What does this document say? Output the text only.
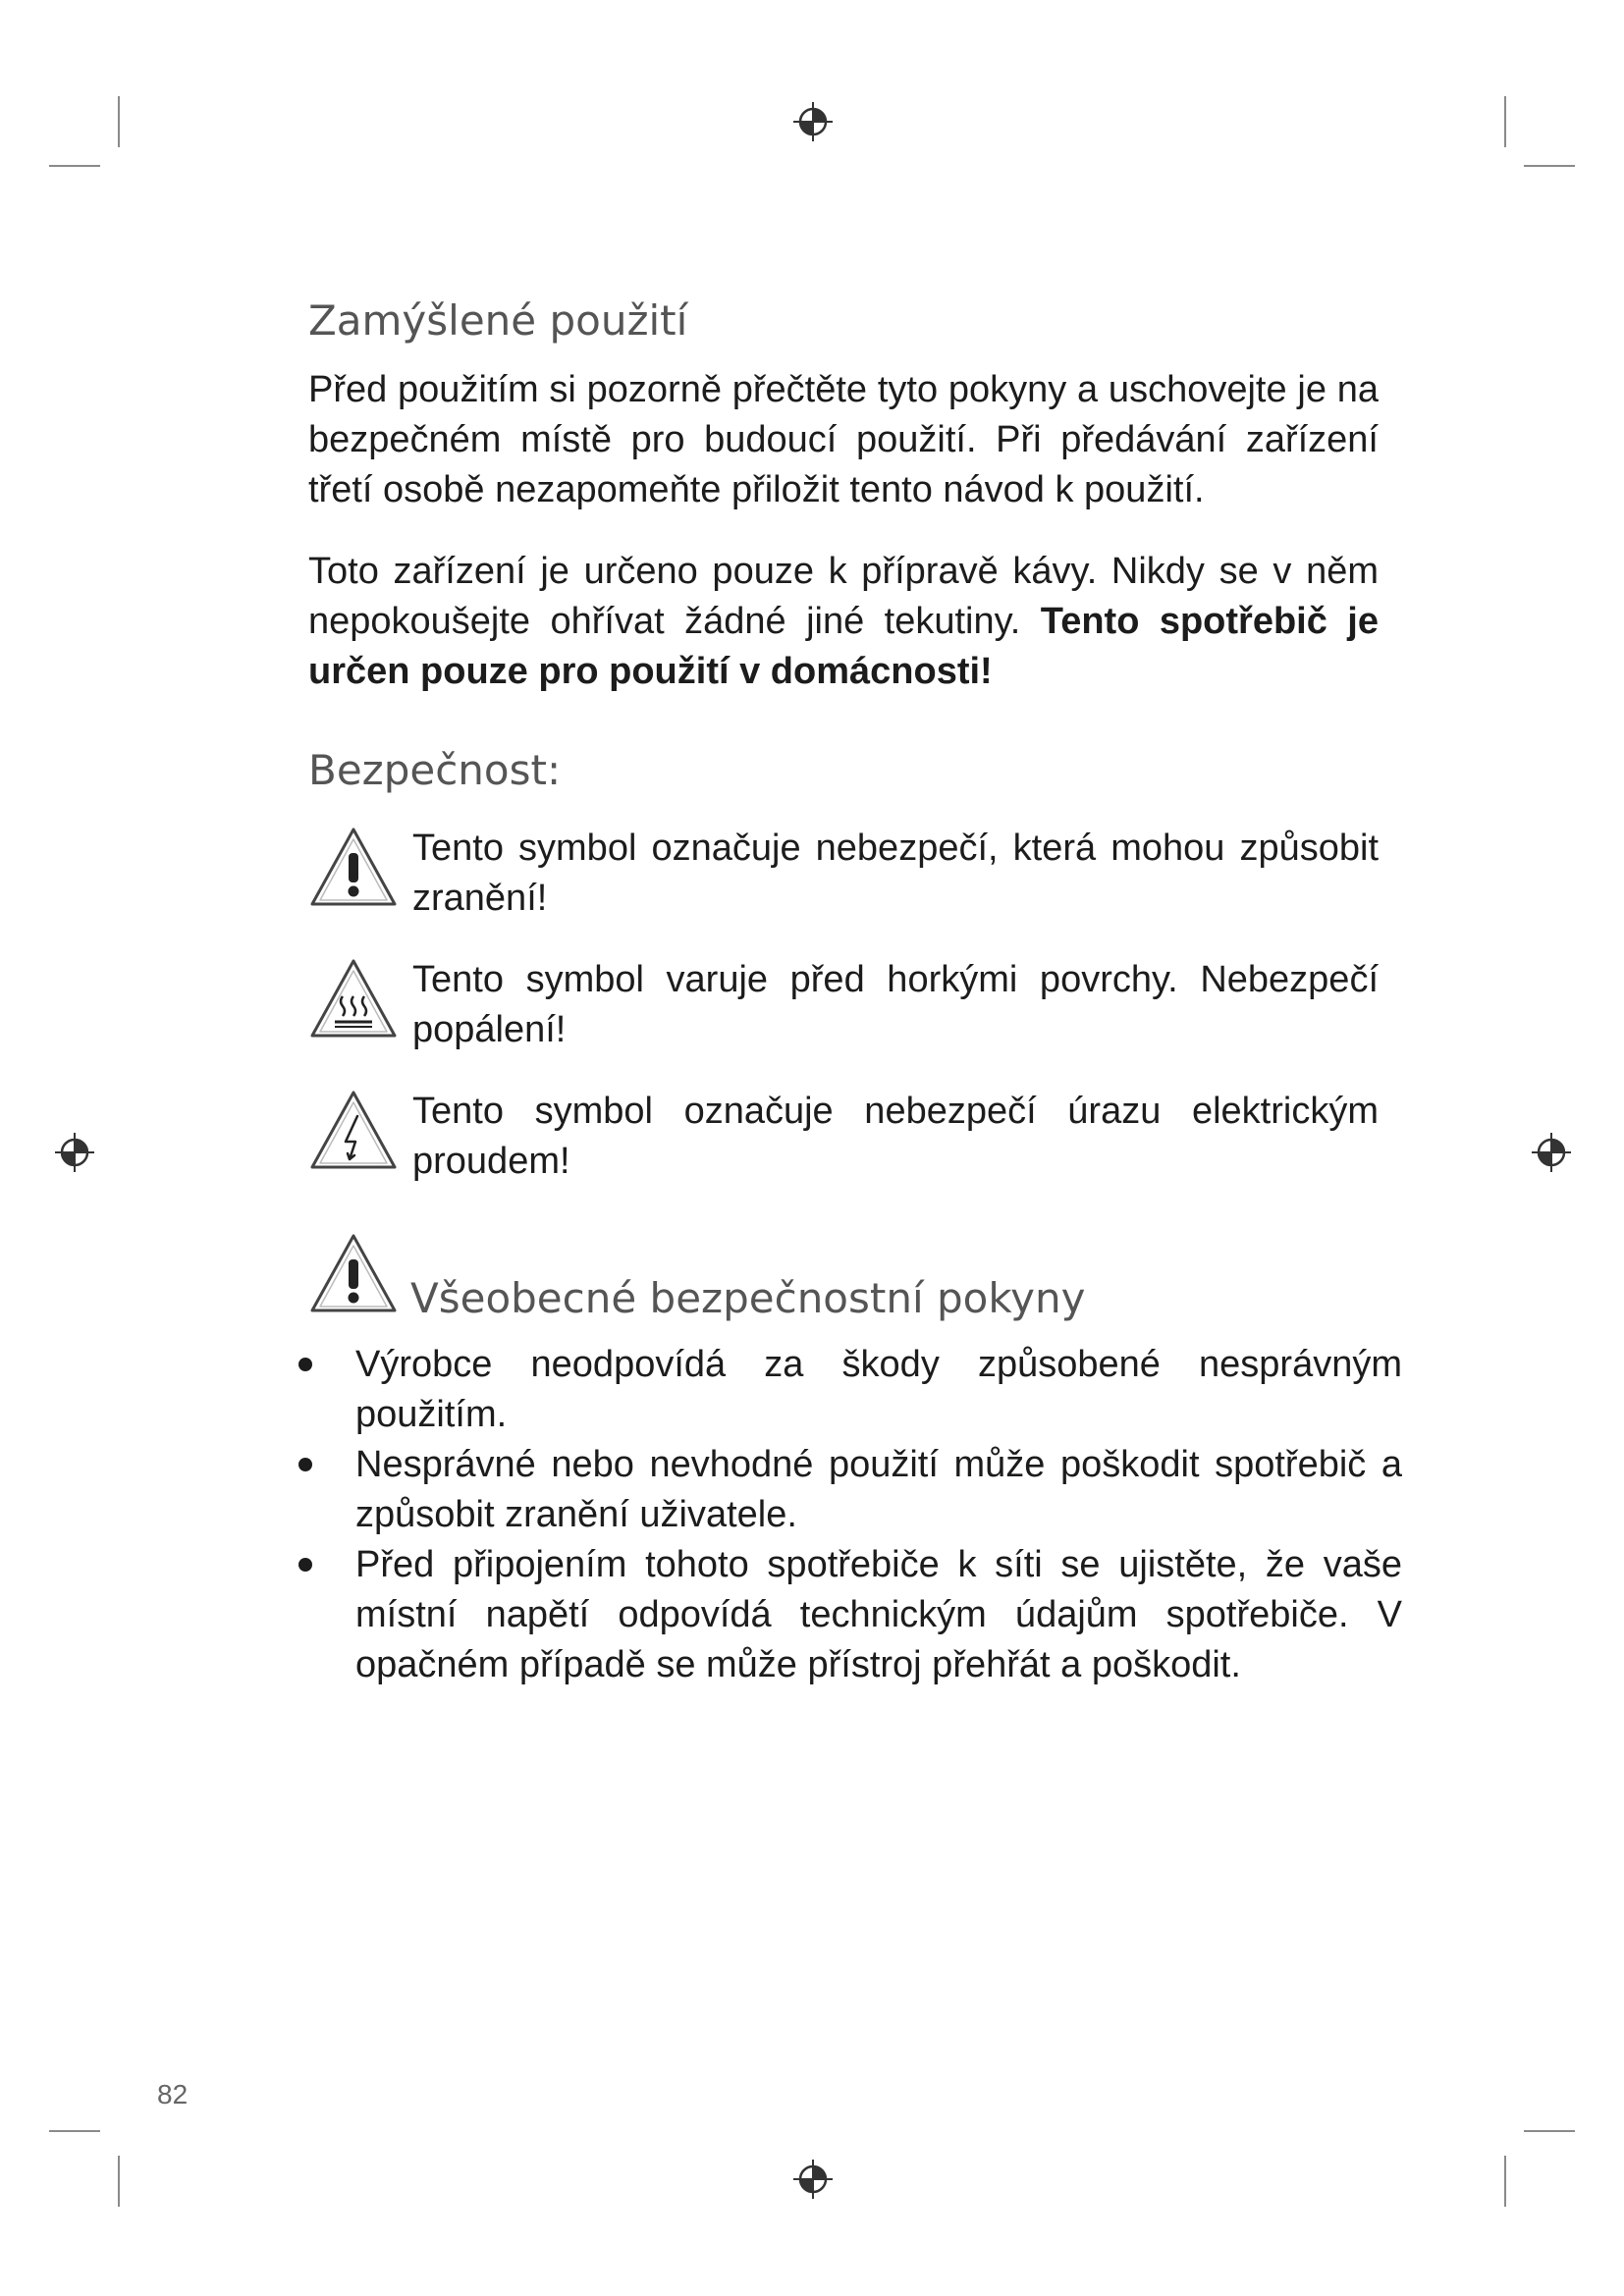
Zamýšlené použití

Před použitím si pozorně přečtěte tyto pokyny a uschovejte je na bezpečném místě pro budoucí použití. Při předávání zařízení třetí osobě nezapomeňte přiložit tento návod k použití.

Toto zařízení je určeno pouze k přípravě kávy. Nikdy se v něm nepokoušejte ohřívat žádné jiné tekutiny. Tento spotřebič je určen pouze pro použití v domácnosti!

Bezpečnost:

Tento symbol označuje nebezpečí, která mohou způsobit zranění!

Tento symbol varuje před horkými povrchy. Nebezpečí popálení!

Tento symbol označuje nebezpečí úrazu elektrickým proudem!

Všeobecné bezpečnostní pokyny
Výrobce neodpovídá za škody způsobené nesprávným použitím.
Nesprávné nebo nevhodné použití může poškodit spotřebič a způsobit zranění uživatele.
Před připojením tohoto spotřebiče k síti se ujistěte, že vaše místní napětí odpovídá technickým údajům spotřebiče. V opačném případě se může přístroj přehřát a poškodit.
82
